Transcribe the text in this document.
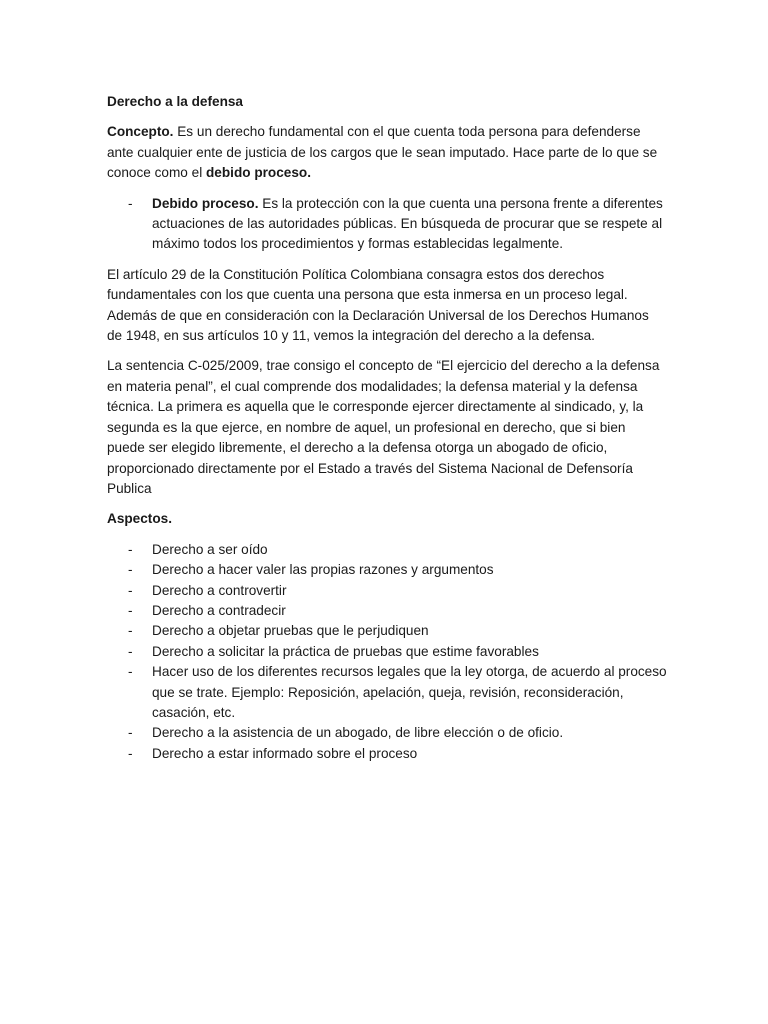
Derecho a la defensa

Concepto. Es un derecho fundamental con el que cuenta toda persona para defenderse ante cualquier ente de justicia de los cargos que le sean imputado. Hace parte de lo que se conoce como el debido proceso.

- Debido proceso. Es la protección con la que cuenta una persona frente a diferentes actuaciones de las autoridades públicas. En búsqueda de procurar que se respete al máximo todos los procedimientos y formas establecidas legalmente.

El artículo 29 de la Constitución Política Colombiana consagra estos dos derechos fundamentales con los que cuenta una persona que esta inmersa en un proceso legal. Además de que en consideración con la Declaración Universal de los Derechos Humanos de 1948, en sus artículos 10 y 11, vemos la integración del derecho a la defensa.

La sentencia C-025/2009, trae consigo el concepto de “El ejercicio del derecho a la defensa en materia penal”, el cual comprende dos modalidades; la defensa material y la defensa técnica. La primera es aquella que le corresponde ejercer directamente al sindicado, y, la segunda es la que ejerce, en nombre de aquel, un profesional en derecho, que si bien puede ser elegido libremente, el derecho a la defensa otorga un abogado de oficio, proporcionado directamente por el Estado a través del Sistema Nacional de Defensoría Publica

Aspectos.

- Derecho a ser oído
- Derecho a hacer valer las propias razones y argumentos
- Derecho a controvertir
- Derecho a contradecir
- Derecho a objetar pruebas que le perjudiquen
- Derecho a solicitar la práctica de pruebas que estime favorables
- Hacer uso de los diferentes recursos legales que la ley otorga, de acuerdo al proceso que se trate. Ejemplo: Reposición, apelación, queja, revisión, reconsideración, casación, etc.
- Derecho a la asistencia de un abogado, de libre elección o de oficio.
- Derecho a estar informado sobre el proceso
